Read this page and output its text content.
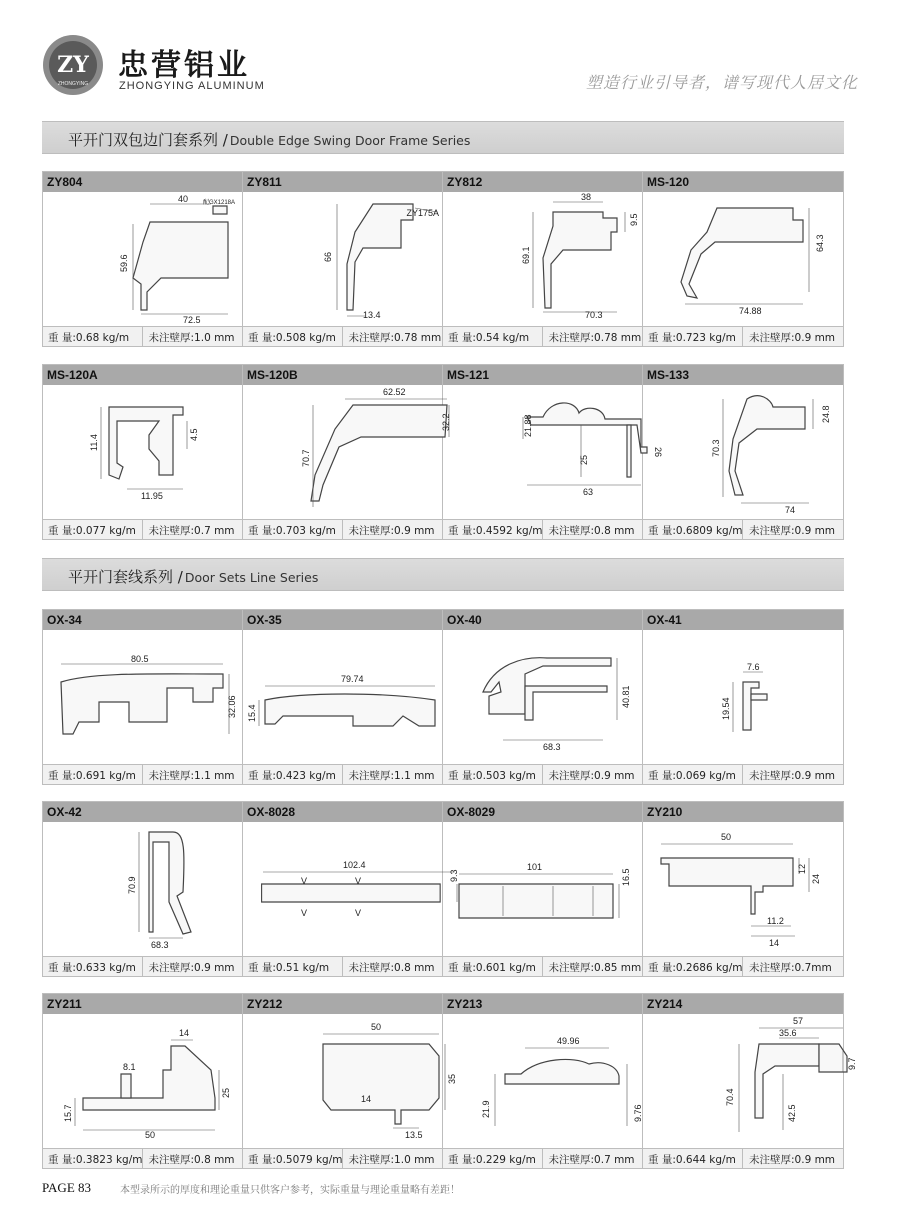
ZY
ZHONGYING
忠营铝业
ZHONGYING ALUMINUM	塑造行业引导者，谱写现代人居文化
平开门双包边门套系列 / Double Edge Swing Door Frame Series
ZY804
40
59.6
72.5
配GX1218A
重 量:0.68 kg/m	未注壁厚:1.0 mm
ZY811
66
13.4
ZY175A
重 量:0.508 kg/m	未注壁厚:0.78 mm
ZY812
38
9.5
69.1
70.3
重 量:0.54 kg/m	未注壁厚:0.78 mm
MS-120
64.3
74.88
重 量:0.723 kg/m	未注壁厚:0.9 mm
MS-120A
11.4	4.5
11.95
重 量:0.077 kg/m	未注壁厚:0.7 mm
MS-120B
62.52
70.7
32.2
重 量:0.703 kg/m	未注壁厚:0.9 mm
MS-121
21.88
26
25
63
重 量:0.4592 kg/m 未注壁厚:0.8 mm
MS-133
70.3
24.8
74
重 量:0.6809 kg/m 未注壁厚:0.9 mm
平开门套线系列 / Door Sets Line Series
OX-34
80.5
32.06
重 量:0.691 kg/m	未注壁厚:1.1 mm
OX-35
79.74
15.4
重 量:0.423 kg/m	未注壁厚:1.1 mm
OX-40
68.3
40.81
重 量:0.503 kg/m	未注壁厚:0.9 mm
OX-41
7.6
19.54
重 量:0.069 kg/m	未注壁厚:0.9 mm
OX-42
70.9
68.3
重 量:0.633 kg/m	未注壁厚:0.9 mm
OX-8028
102.4
9.3
V	V
V	V
重 量:0.51 kg/m	未注壁厚:0.8 mm
OX-8029
101
16.5
重 量:0.601 kg/m	未注壁厚:0.85 mm
ZY210
50
12
24
11.2
14
重 量:0.2686 kg/m 未注壁厚:0.7mm
ZY211
14
8.1
15.7
25
50
重 量:0.3823 kg/m 未注壁厚:0.8 mm
ZY212
50
35
14
13.5
重 量:0.5079 kg/m 未注壁厚:1.0 mm
ZY213
49.96
21.9	9.76
重 量:0.229 kg/m	未注壁厚:0.7 mm
ZY214
57
35.6
70.4
9.7
42.5
重 量:0.644 kg/m	未注壁厚:0.9 mm
PAGE 83	本型录所示的厚度和理论重量只供客户参考，实际重量与理论重量略有差距！
